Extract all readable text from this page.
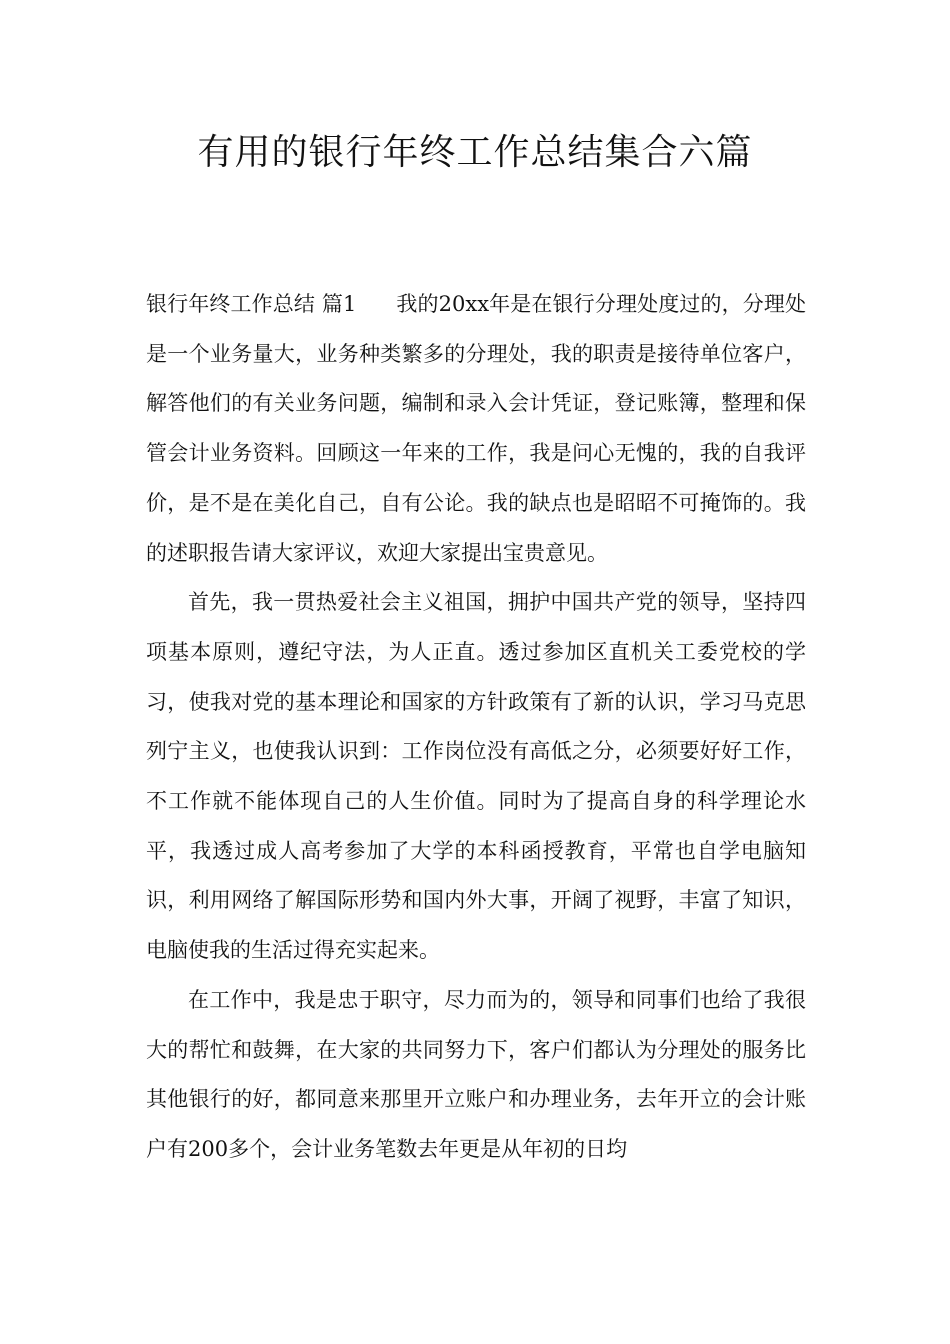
有用的银行年终工作总结集合六篇

银行年终工作总结 篇1 我的20xx年是在银行分理处度过的，分理处是一个业务量大，业务种类繁多的分理处，我的职责是接待单位客户，解答他们的有关业务问题，编制和录入会计凭证，登记账簿，整理和保管会计业务资料。回顾这一年来的工作，我是问心无愧的，我的自我评价，是不是在美化自己，自有公论。我的缺点也是昭昭不可掩饰的。我的述职报告请大家评议，欢迎大家提出宝贵意见。

首先，我一贯热爱社会主义祖国，拥护中国共产党的领导，坚持四项基本原则，遵纪守法，为人正直。透过参加区直机关工委党校的学习，使我对党的基本理论和国家的方针政策有了新的认识，学习马克思列宁主义，也使我认识到：工作岗位没有高低之分，必须要好好工作，不工作就不能体现自己的人生价值。同时为了提高自身的科学理论水平，我透过成人高考参加了大学的本科函授教育，平常也自学电脑知识，利用网络了解国际形势和国内外大事，开阔了视野，丰富了知识，电脑使我的生活过得充实起来。

在工作中，我是忠于职守，尽力而为的，领导和同事们也给了我很大的帮忙和鼓舞，在大家的共同努力下，客户们都认为分理处的服务比其他银行的好，都同意来那里开立账户和办理业务，去年开立的会计账户有200多个，会计业务笔数去年更是从年初的日均
